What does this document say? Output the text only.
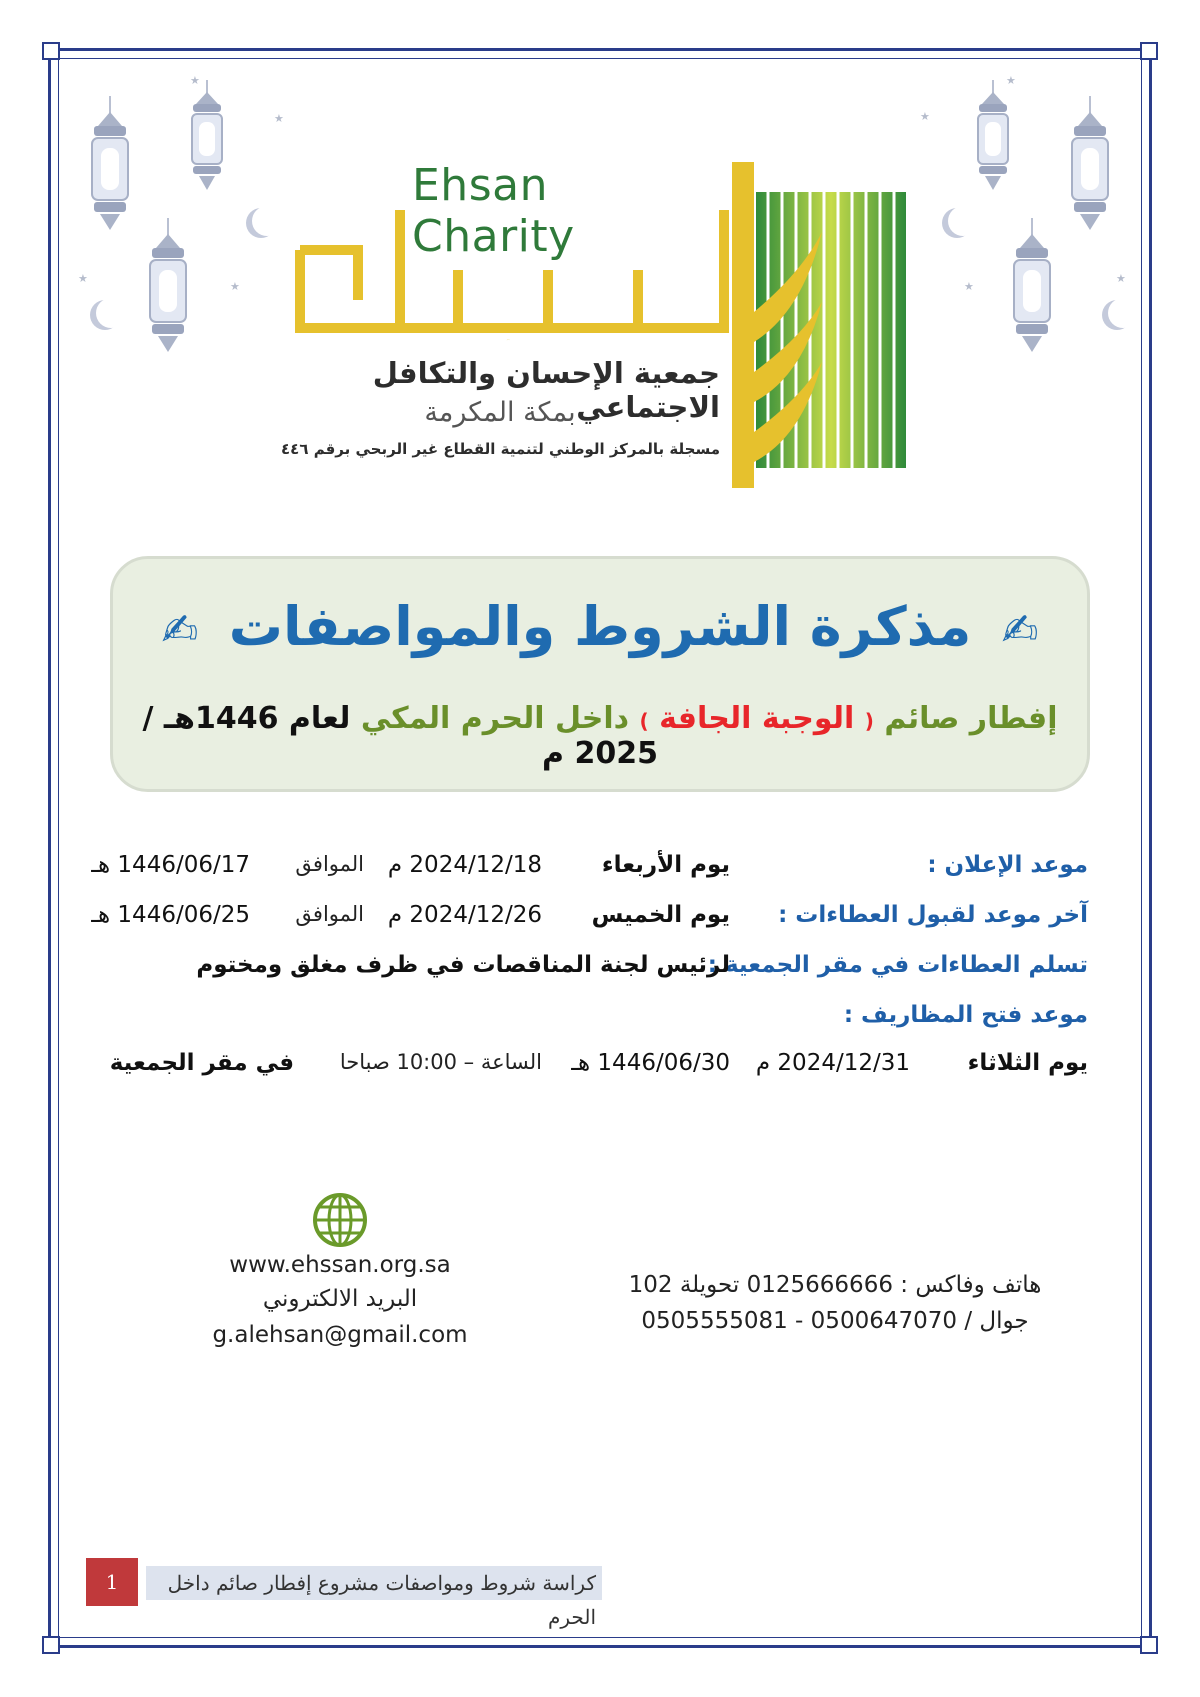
★
★
★
★
★
★
★
★
Ehsan Charity
إحسان
جمعية الإحسان والتكافل الاجتماعي
بمكة المكرمة
مسجلة بالمركز الوطني لتنمية القطاع غير الربحي برقم ٤٤٦
✍ مذكرة الشروط والمواصفات ✍
إفطار صائم ( الوجبة الجافة ) داخل الحرم المكي لعام 1446هـ / 2025 م
موعد الإعلان :
يوم الأربعاء
2024/12/18 م
الموافق
1446/06/17 هـ
آخر موعد لقبول العطاءات :
يوم الخميس
2024/12/26 م
الموافق
1446/06/25 هـ
تسلم العطاءات في مقر الجمعية :
لرئيس لجنة المناقصات في ظرف مغلق ومختوم
موعد فتح المظاريف :
يوم الثلاثاء
2024/12/31 م
1446/06/30 هـ
الساعة – 10:00 صباحا
في مقر الجمعية
www.ehssan.org.sa
البريد الالكتروني
g.alehsan@gmail.com
هاتف وفاكس : 0125666666 تحويلة 102
جوال / 0500647070 - 0505555081
1	كراسة شروط ومواصفات مشروع إفطار صائم داخل الحرم
